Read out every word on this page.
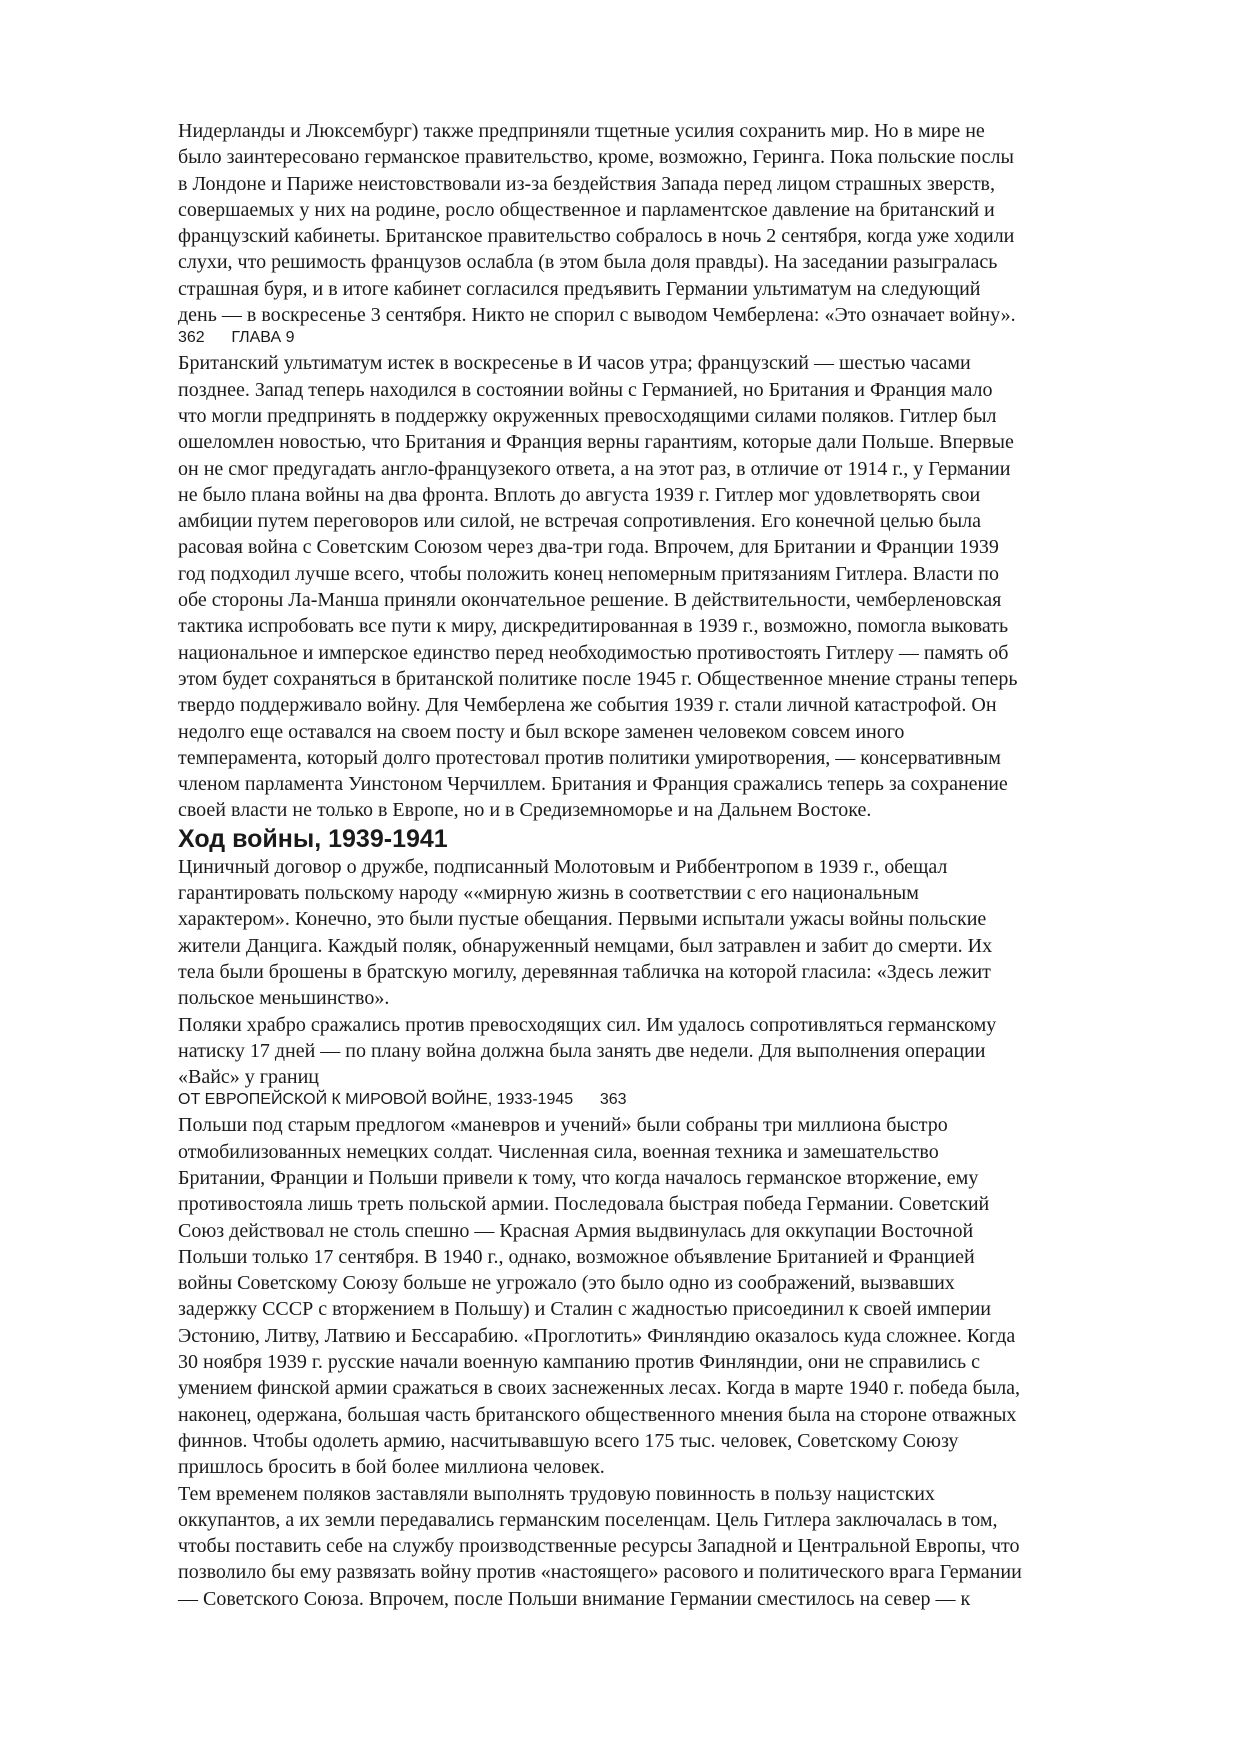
Нидерланды и Люксембург) также предприняли тщетные усилия сохранить мир. Но в мире не
было заинтересовано германское правительство, кроме, возможно, Геринга. Пока польские послы
в Лондоне и Париже неистовствовали из-за бездействия Запада перед лицом страшных зверств,
совершаемых у них на родине, росло общественное и парламентское давление на британский и
французский кабинеты. Британское правительство собралось в ночь 2 сентября, когда уже ходили
слухи, что решимость французов ослабла (в этом была доля правды). На заседании разыгралась
страшная буря, и в итоге кабинет согласился предъявить Германии ультиматум на следующий
день — в воскресенье 3 сентября. Никто не спорил с выводом Чемберлена: «Это означает войну».

362      ГЛАВА 9

Британский ультиматум истек в воскресенье в И часов утра; французский — шестью часами
позднее. Запад теперь находился в состоянии войны с Германией, но Британия и Франция мало
что могли предпринять в поддержку окруженных превосходящими силами поляков. Гитлер был
ошеломлен новостью, что Британия и Франция верны гарантиям, которые дали Польше. Впервые
он не смог предугадать англо-французекого ответа, а на этот раз, в отличие от 1914 г., у Германии
не было плана войны на два фронта. Вплоть до августа 1939 г. Гитлер мог удовлетворять свои
амбиции путем переговоров или силой, не встречая сопротивления. Его конечной целью была
расовая война с Советским Союзом через два-три года. Впрочем, для Британии и Франции 1939
год подходил лучше всего, чтобы положить конец непомерным притязаниям Гитлера. Власти по
обе стороны Ла-Манша приняли окончательное решение. В действительности, чемберленовская
тактика испробовать все пути к миру, дискредитированная в 1939 г., возможно, помогла выковать
национальное и имперское единство перед необходимостью противостоять Гитлеру — память об
этом будет сохраняться в британской политике после 1945 г. Общественное мнение страны теперь
твердо поддерживало войну. Для Чемберлена же события 1939 г. стали личной катастрофой. Он
недолго еще оставался на своем посту и был вскоре заменен человеком совсем иного
темперамента, который долго протестовал против политики умиротворения, — консервативным
членом парламента Уинстоном Черчиллем. Британия и Франция сражались теперь за сохранение
своей власти не только в Европе, но и в Средиземноморье и на Дальнем Востоке.

Ход войны, 1939-1941

Циничный договор о дружбе, подписанный Молотовым и Риббентропом в 1939 г., обещал
гарантировать польскому народу ««мирную жизнь в соответствии с его национальным
характером». Конечно, это были пустые обещания. Первыми испытали ужасы войны польские
жители Данцига. Каждый поляк, обнаруженный немцами, был затравлен и забит до смерти. Их
тела были брошены в братскую могилу, деревянная табличка на которой гласила: «Здесь лежит
польское меньшинство».

Поляки храбро сражались против превосходящих сил. Им удалось сопротивляться германскому
натиску 17 дней — по плану война должна была занять две недели. Для выполнения операции
«Вайс» у границ

ОТ ЕВРОПЕЙСКОЙ К МИРОВОЙ ВОЙНЕ, 1933-1945      363

Польши под старым предлогом «маневров и учений» были собраны три миллиона быстро
отмобилизованных немецких солдат. Численная сила, военная техника и замешательство
Британии, Франции и Польши привели к тому, что когда началось германское вторжение, ему
противостояла лишь треть польской армии. Последовала быстрая победа Германии. Советский
Союз действовал не столь спешно — Красная Армия выдвинулась для оккупации Восточной
Польши только 17 сентября. В 1940 г., однако, возможное объявление Британией и Францией
войны Советскому Союзу больше не угрожало (это было одно из соображений, вызвавших
задержку СССР с вторжением в Польшу) и Сталин с жадностью присоединил к своей империи
Эстонию, Литву, Латвию и Бессарабию. «Проглотить» Финляндию оказалось куда сложнее. Когда
30 ноября 1939 г. русские начали военную кампанию против Финляндии, они не справились с
умением финской армии сражаться в своих заснеженных лесах. Когда в марте 1940 г. победа была,
наконец, одержана, большая часть британского общественного мнения была на стороне отважных
финнов. Чтобы одолеть армию, насчитывавшую всего 175 тыс. человек, Советскому Союзу
пришлось бросить в бой более миллиона человек.

Тем временем поляков заставляли выполнять трудовую повинность в пользу нацистских
оккупантов, а их земли передавались германским поселенцам. Цель Гитлера заключалась в том,
чтобы поставить себе на службу производственные ресурсы Западной и Центральной Европы, что
позволило бы ему развязать войну против «настоящего» расового и политического врага Германии
— Советского Союза. Впрочем, после Польши внимание Германии сместилось на север — к
